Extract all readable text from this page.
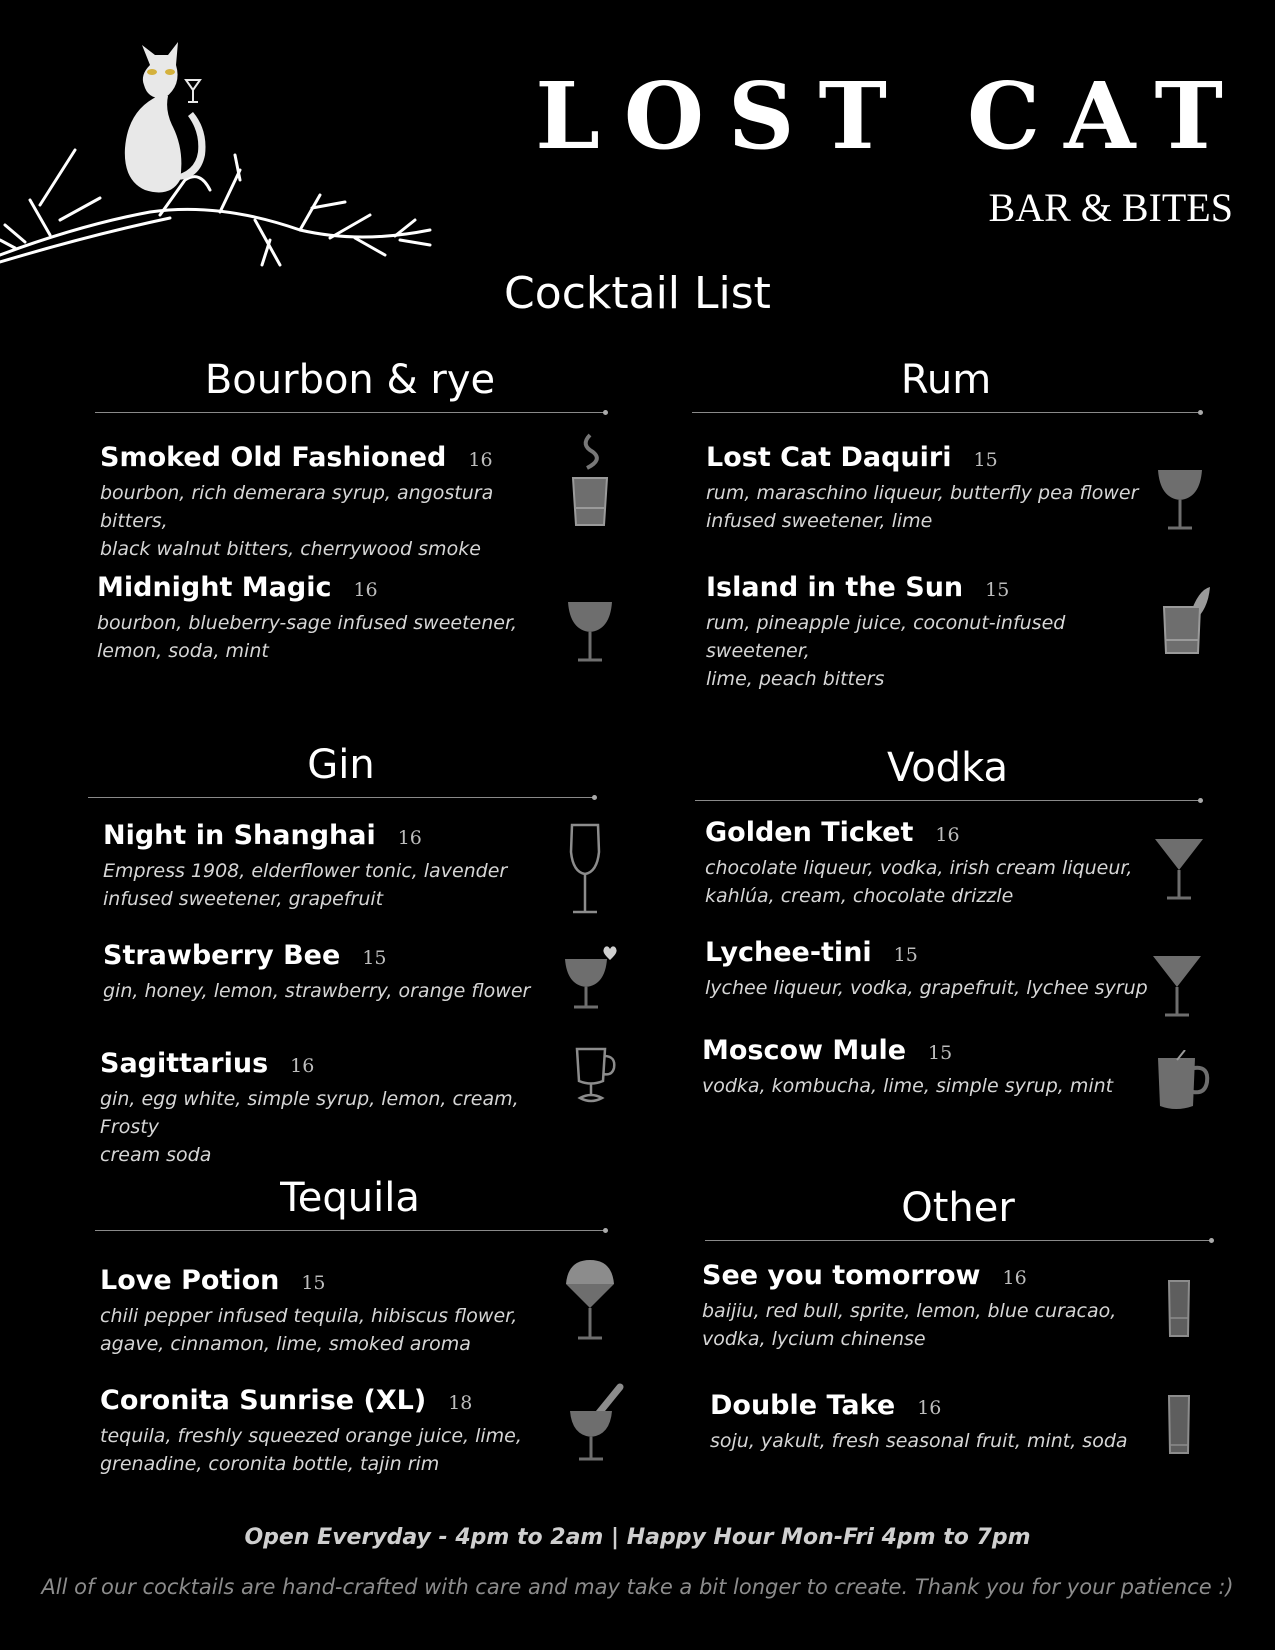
LOST CAT
BAR & BITES
Cocktail List
Bourbon & rye
Smoked Old Fashioned 16
bourbon, rich demerara syrup, angostura bitters,
black walnut bitters, cherrywood smoke
Midnight Magic 16
bourbon, blueberry-sage infused sweetener,
lemon, soda, mint
Rum
Lost Cat Daquiri 15
rum, maraschino liqueur, butterfly pea flower
infused sweetener, lime
Island in the Sun 15
rum, pineapple juice, coconut-infused sweetener,
lime, peach bitters
Gin
Night in Shanghai 16
Empress 1908, elderflower tonic, lavender
infused sweetener, grapefruit
Strawberry Bee 15
gin, honey, lemon, strawberry, orange flower
Sagittarius 16
gin, egg white, simple syrup, lemon, cream, Frosty
cream soda
Vodka
Golden Ticket 16
chocolate liqueur, vodka, irish cream liqueur,
kahlúa, cream, chocolate drizzle
Lychee-tini 15
lychee liqueur, vodka, grapefruit, lychee syrup
Moscow Mule 15
vodka, kombucha, lime, simple syrup, mint
Tequila
Love Potion 15
chili pepper infused tequila, hibiscus flower,
agave, cinnamon, lime, smoked aroma
Coronita Sunrise (XL) 18
tequila, freshly squeezed orange juice, lime,
grenadine, coronita bottle, tajin rim
Other
See you tomorrow 16
baijiu, red bull, sprite, lemon, blue curacao,
vodka, lycium chinense
Double Take 16
soju, yakult, fresh seasonal fruit, mint, soda
Open Everyday - 4pm to 2am | Happy Hour Mon-Fri 4pm to 7pm
All of our cocktails are hand-crafted with care and may take a bit longer to create. Thank you for your patience :)
